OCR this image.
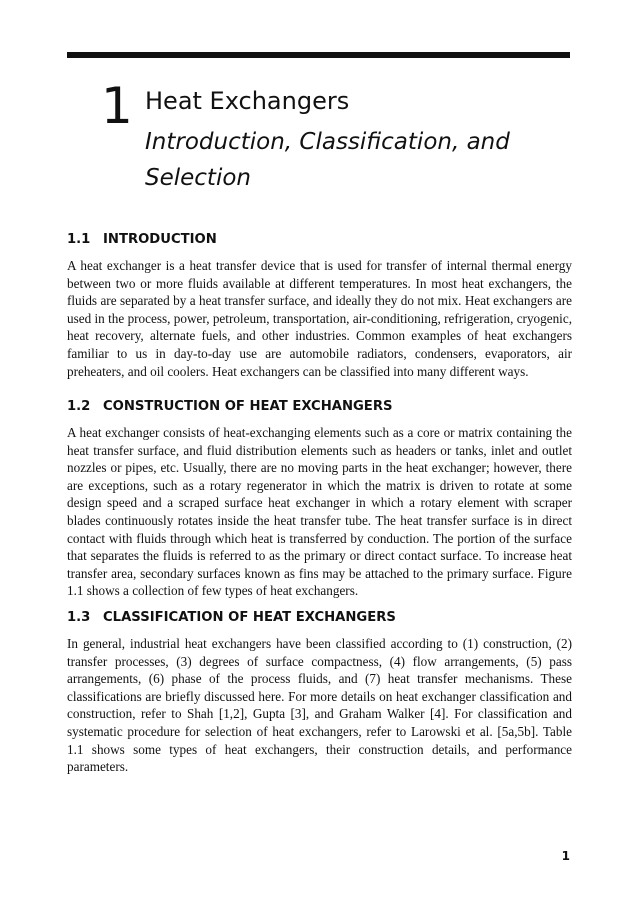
1 Heat Exchangers
Introduction, Classification, and Selection
1.1 INTRODUCTION

A heat exchanger is a heat transfer device that is used for transfer of internal thermal energy between two or more fluids available at different temperatures. In most heat exchangers, the fluids are separated by a heat transfer surface, and ideally they do not mix. Heat exchangers are used in the process, power, petroleum, transportation, air-conditioning, refrigeration, cryogenic, heat recovery, alternate fuels, and other industries. Common examples of heat exchangers familiar to us in day-to-day use are automobile radiators, condensers, evaporators, air preheaters, and oil coolers. Heat exchangers can be classified into many different ways.

1.2 CONSTRUCTION OF HEAT EXCHANGERS

A heat exchanger consists of heat-exchanging elements such as a core or matrix containing the heat transfer surface, and fluid distribution elements such as headers or tanks, inlet and outlet nozzles or pipes, etc. Usually, there are no moving parts in the heat exchanger; however, there are exceptions, such as a rotary regenerator in which the matrix is driven to rotate at some design speed and a scraped surface heat exchanger in which a rotary element with scraper blades continuously rotates inside the heat transfer tube. The heat transfer surface is in direct contact with fluids through which heat is transferred by conduction. The portion of the surface that separates the fluids is referred to as the primary or direct contact surface. To increase heat transfer area, secondary surfaces known as fins may be attached to the primary surface. Figure 1.1 shows a collection of few types of heat exchangers.

1.3 CLASSIFICATION OF HEAT EXCHANGERS

In general, industrial heat exchangers have been classified according to (1) construction, (2) transfer processes, (3) degrees of surface compactness, (4) flow arrangements, (5) pass arrangements, (6) phase of the process fluids, and (7) heat transfer mechanisms. These classifications are briefly discussed here. For more details on heat exchanger classification and construction, refer to Shah [1,2], Gupta [3], and Graham Walker [4]. For classification and systematic procedure for selection of heat exchangers, refer to Larowski et al. [5a,5b]. Table 1.1 shows some types of heat exchangers, their construction details, and performance parameters.

1
